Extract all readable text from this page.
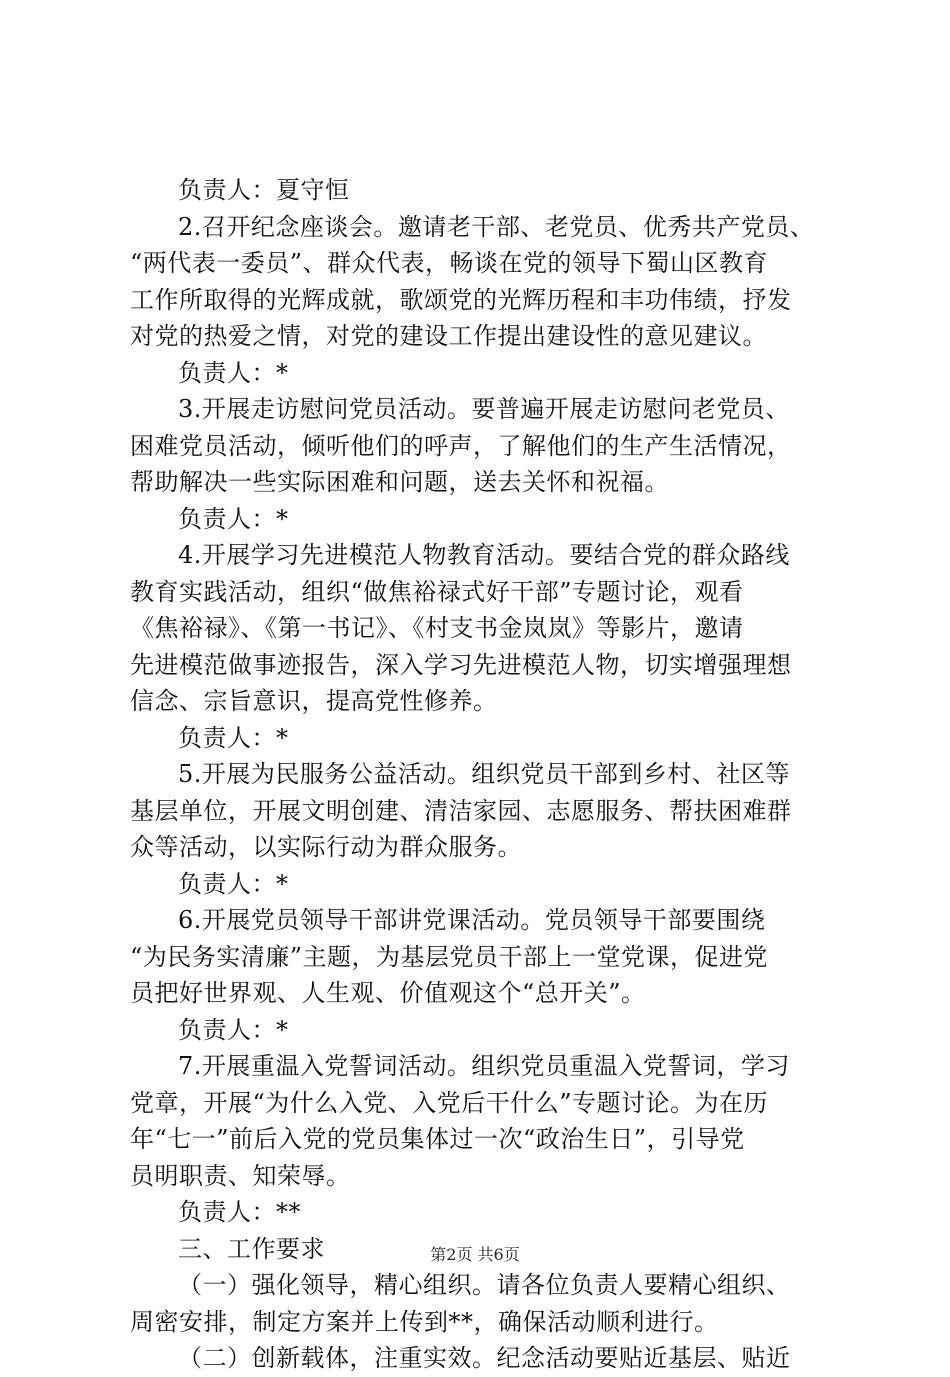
负责人：夏守恒
2.召开纪念座谈会。邀请老干部、老党员、优秀共产党员、
“两代表一委员”、群众代表，畅谈在党的领导下蜀山区教育
工作所取得的光辉成就，歌颂党的光辉历程和丰功伟绩，抒发
对党的热爱之情，对党的建设工作提出建设性的意见建议。
负责人：*
3.开展走访慰问党员活动。要普遍开展走访慰问老党员、
困难党员活动，倾听他们的呼声，了解他们的生产生活情况，
帮助解决一些实际困难和问题，送去关怀和祝福。
负责人：*
4.开展学习先进模范人物教育活动。要结合党的群众路线
教育实践活动，组织“做焦裕禄式好干部”专题讨论，观看
《焦裕禄》、《第一书记》、《村支书金岚岚》等影片，邀请
先进模范做事迹报告，深入学习先进模范人物，切实增强理想
信念、宗旨意识，提高党性修养。
负责人：*
5.开展为民服务公益活动。组织党员干部到乡村、社区等
基层单位，开展文明创建、清洁家园、志愿服务、帮扶困难群
众等活动，以实际行动为群众服务。
负责人：*
6.开展党员领导干部讲党课活动。党员领导干部要围绕
“为民务实清廉”主题，为基层党员干部上一堂党课，促进党
员把好世界观、人生观、价值观这个“总开关”。
负责人：*
7.开展重温入党誓词活动。组织党员重温入党誓词，学习
党章，开展“为什么入党、入党后干什么”专题讨论。为在历
年“七一”前后入党的党员集体过一次“政治生日”，引导党
员明职责、知荣辱。
负责人：**
三、工作要求
（一）强化领导，精心组织。请各位负责人要精心组织、
周密安排，制定方案并上传到**，确保活动顺利进行。
（二）创新载体，注重实效。纪念活动要贴近基层、贴近
第2页 共6页
